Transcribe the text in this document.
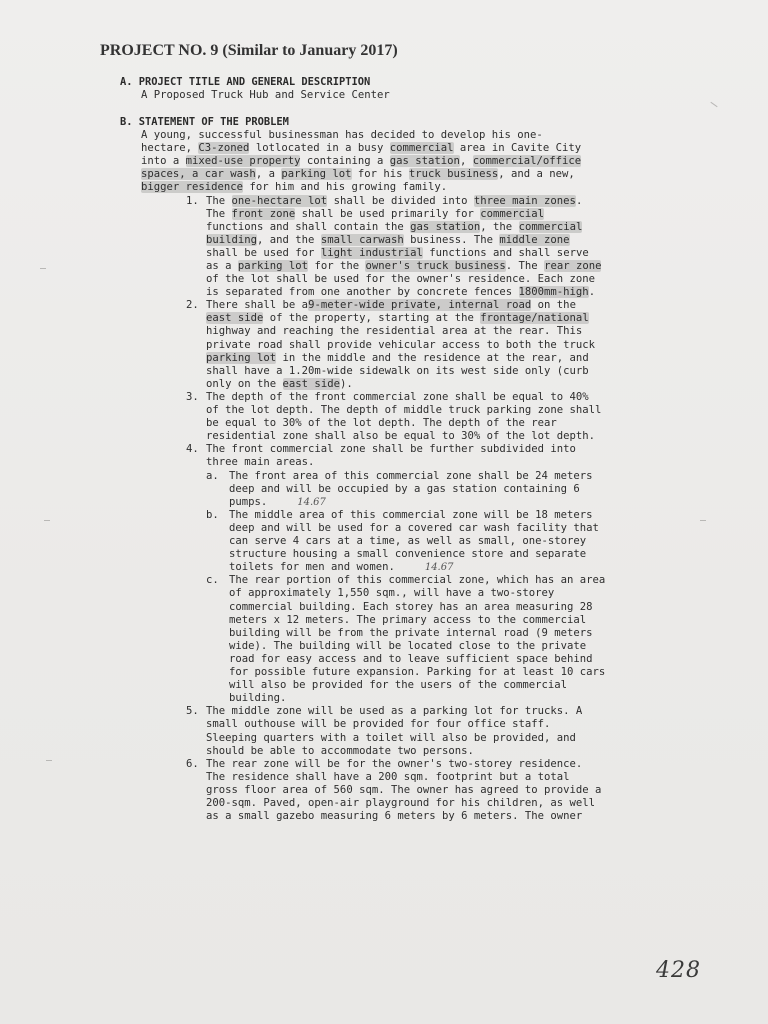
PROJECT NO. 9 (Similar to January 2017)
A. PROJECT TITLE AND GENERAL DESCRIPTION
A Proposed Truck Hub and Service Center
B. STATEMENT OF THE PROBLEM
A young, successful businessman has decided to develop his one-
hectare, C3-zoned lotlocated in a busy commercial area in Cavite City
into a mixed-use property containing a gas station, commercial/office
spaces, a car wash, a parking lot for his truck business, and a new,
bigger residence for him and his growing family.
1. The one-hectare lot shall be divided into three main zones.
The front zone shall be used primarily for commercial
functions and shall contain the gas station, the commercial
building, and the small carwash business. The middle zone
shall be used for light industrial functions and shall serve
as a parking lot for the owner's truck business. The rear zone
of the lot shall be used for the owner's residence. Each zone
is separated from one another by concrete fences 1800mm-high.
2. There shall be a9-meter-wide private, internal road on the
east side of the property, starting at the frontage/national
highway and reaching the residential area at the rear. This
private road shall provide vehicular access to both the truck
parking lot in the middle and the residence at the rear, and
shall have a 1.20m-wide sidewalk on its west side only (curb
only on the east side).
3. The depth of the front commercial zone shall be equal to 40%
of the lot depth. The depth of middle truck parking zone shall
be equal to 30% of the lot depth. The depth of the rear
residential zone shall also be equal to 30% of the lot depth.
4. The front commercial zone shall be further subdivided into
three main areas.
a. The front area of this commercial zone shall be 24 meters
deep and will be occupied by a gas station containing 6
pumps.	14.67
b. The middle area of this commercial zone will be 18 meters
deep and will be used for a covered car wash facility that
can serve 4 cars at a time, as well as small, one-storey
structure housing a small convenience store and separate
toilets for men and women.	14.67
c. The rear portion of this commercial zone, which has an area
of approximately 1,550 sqm., will have a two-storey
commercial building. Each storey has an area measuring 28
meters x 12 meters. The primary access to the commercial
building will be from the private internal road (9 meters
wide). The building will be located close to the private
road for easy access and to leave sufficient space behind
for possible future expansion. Parking for at least 10 cars
will also be provided for the users of the commercial
building.
5. The middle zone will be used as a parking lot for trucks. A
small outhouse will be provided for four office staff.
Sleeping quarters with a toilet will also be provided, and
should be able to accommodate two persons.
6. The rear zone will be for the owner's two-storey residence.
The residence shall have a 200 sqm. footprint but a total
gross floor area of 560 sqm. The owner has agreed to provide a
200-sqm. Paved, open-air playground for his children, as well
as a small gazebo measuring 6 meters by 6 meters. The owner
428
